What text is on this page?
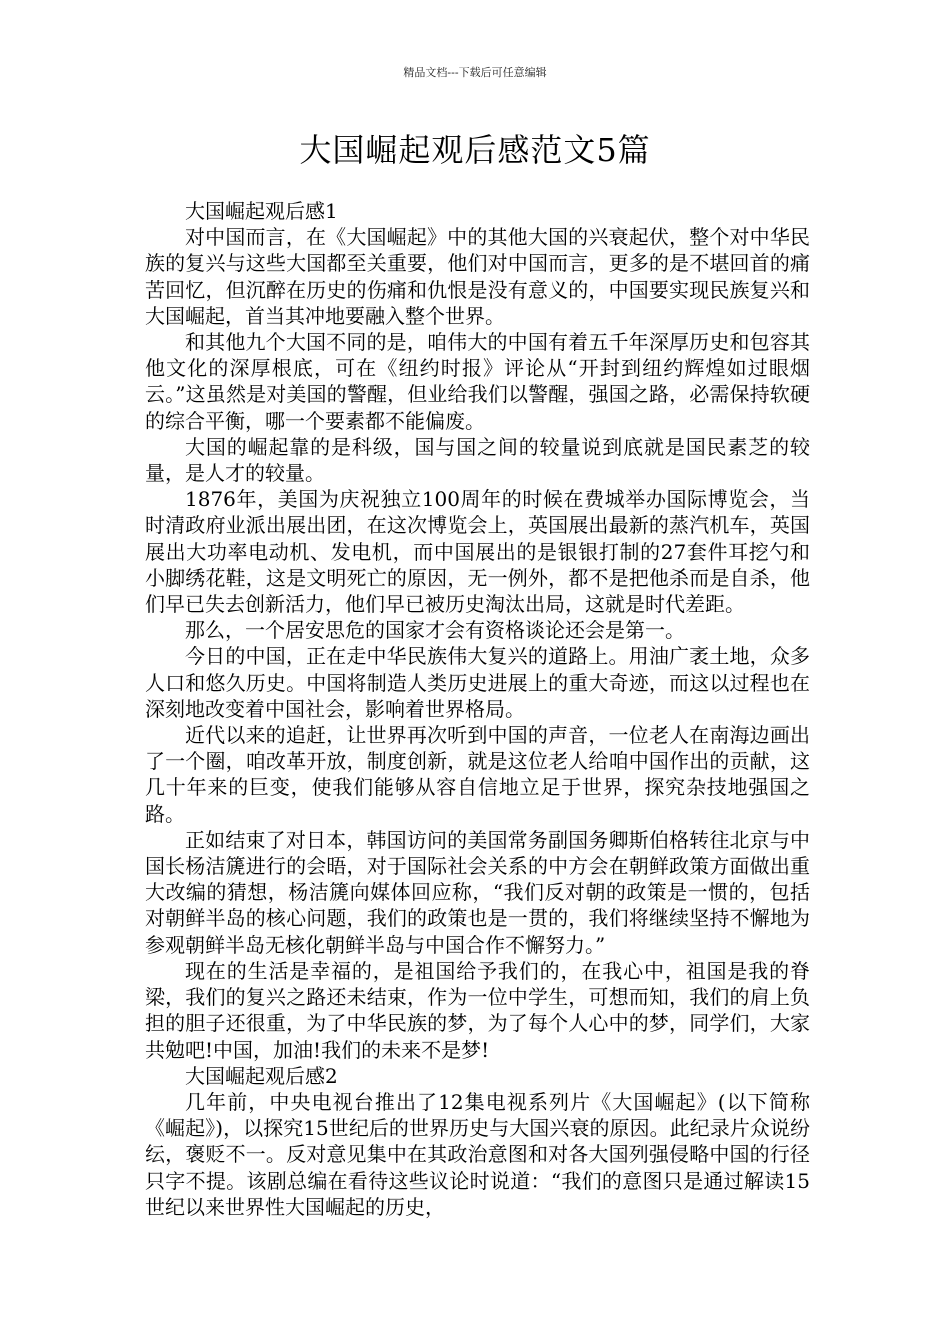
精品文档---下载后可任意编辑
大国崛起观后感范文5篇

大国崛起观后感1

对中国而言，在《大国崛起》中的其他大国的兴衰起伏，整个对中华民族的复兴与这些大国都至关重要，他们对中国而言，更多的是不堪回首的痛苦回忆，但沉醉在历史的伤痛和仇恨是没有意义的，中国要实现民族复兴和大国崛起，首当其冲地要融入整个世界。

和其他九个大国不同的是，咱伟大的中国有着五千年深厚历史和包容其他文化的深厚根底，可在《纽约时报》评论从“开封到纽约辉煌如过眼烟云。”这虽然是对美国的警醒，但业给我们以警醒，强国之路，必需保持软硬的综合平衡，哪一个要素都不能偏废。

大国的崛起靠的是科级，国与国之间的较量说到底就是国民素芝的较量，是人才的较量。

1876年，美国为庆祝独立100周年的时候在费城举办国际博览会，当时清政府业派出展出团，在这次博览会上，英国展出最新的蒸汽机车，英国展出大功率电动机、发电机，而中国展出的是银银打制的27套件耳挖勺和小脚绣花鞋，这是文明死亡的原因，无一例外，都不是把他杀而是自杀，他们早已失去创新活力，他们早已被历史淘汰出局，这就是时代差距。

那么，一个居安思危的国家才会有资格谈论还会是第一。

今日的中国，正在走中华民族伟大复兴的道路上。用油广袤土地，众多人口和悠久历史。中国将制造人类历史进展上的重大奇迹，而这以过程也在深刻地改变着中国社会，影响着世界格局。

近代以来的追赶，让世界再次听到中国的声音，一位老人在南海边画出了一个圈，咱改革开放，制度创新，就是这位老人给咱中国作出的贡献，这几十年来的巨变，使我们能够从容自信地立足于世界，探究杂技地强国之路。

正如结束了对日本，韩国访问的美国常务副国务卿斯伯格转往北京与中国长杨洁篪进行的会晤，对于国际社会关系的中方会在朝鲜政策方面做出重大改编的猜想，杨洁篪向媒体回应称，“我们反对朝的政策是一惯的，包括对朝鲜半岛的核心问题，我们的政策也是一贯的，我们将继续坚持不懈地为参观朝鲜半岛无核化朝鲜半岛与中国合作不懈努力。”

现在的生活是幸福的，是祖国给予我们的，在我心中，祖国是我的脊梁，我们的复兴之路还未结束，作为一位中学生，可想而知，我们的肩上负担的胆子还很重，为了中华民族的梦，为了每个人心中的梦，同学们，大家共勉吧!中国，加油!我们的未来不是梦!

大国崛起观后感2

几年前，中央电视台推出了12集电视系列片《大国崛起》(以下简称《崛起》)，以探究15世纪后的世界历史与大国兴衰的原因。此纪录片众说纷纭，褒贬不一。反对意见集中在其政治意图和对各大国列强侵略中国的行径只字不提。该剧总编在看待这些议论时说道：“我们的意图只是通过解读15世纪以来世界性大国崛起的历史，
